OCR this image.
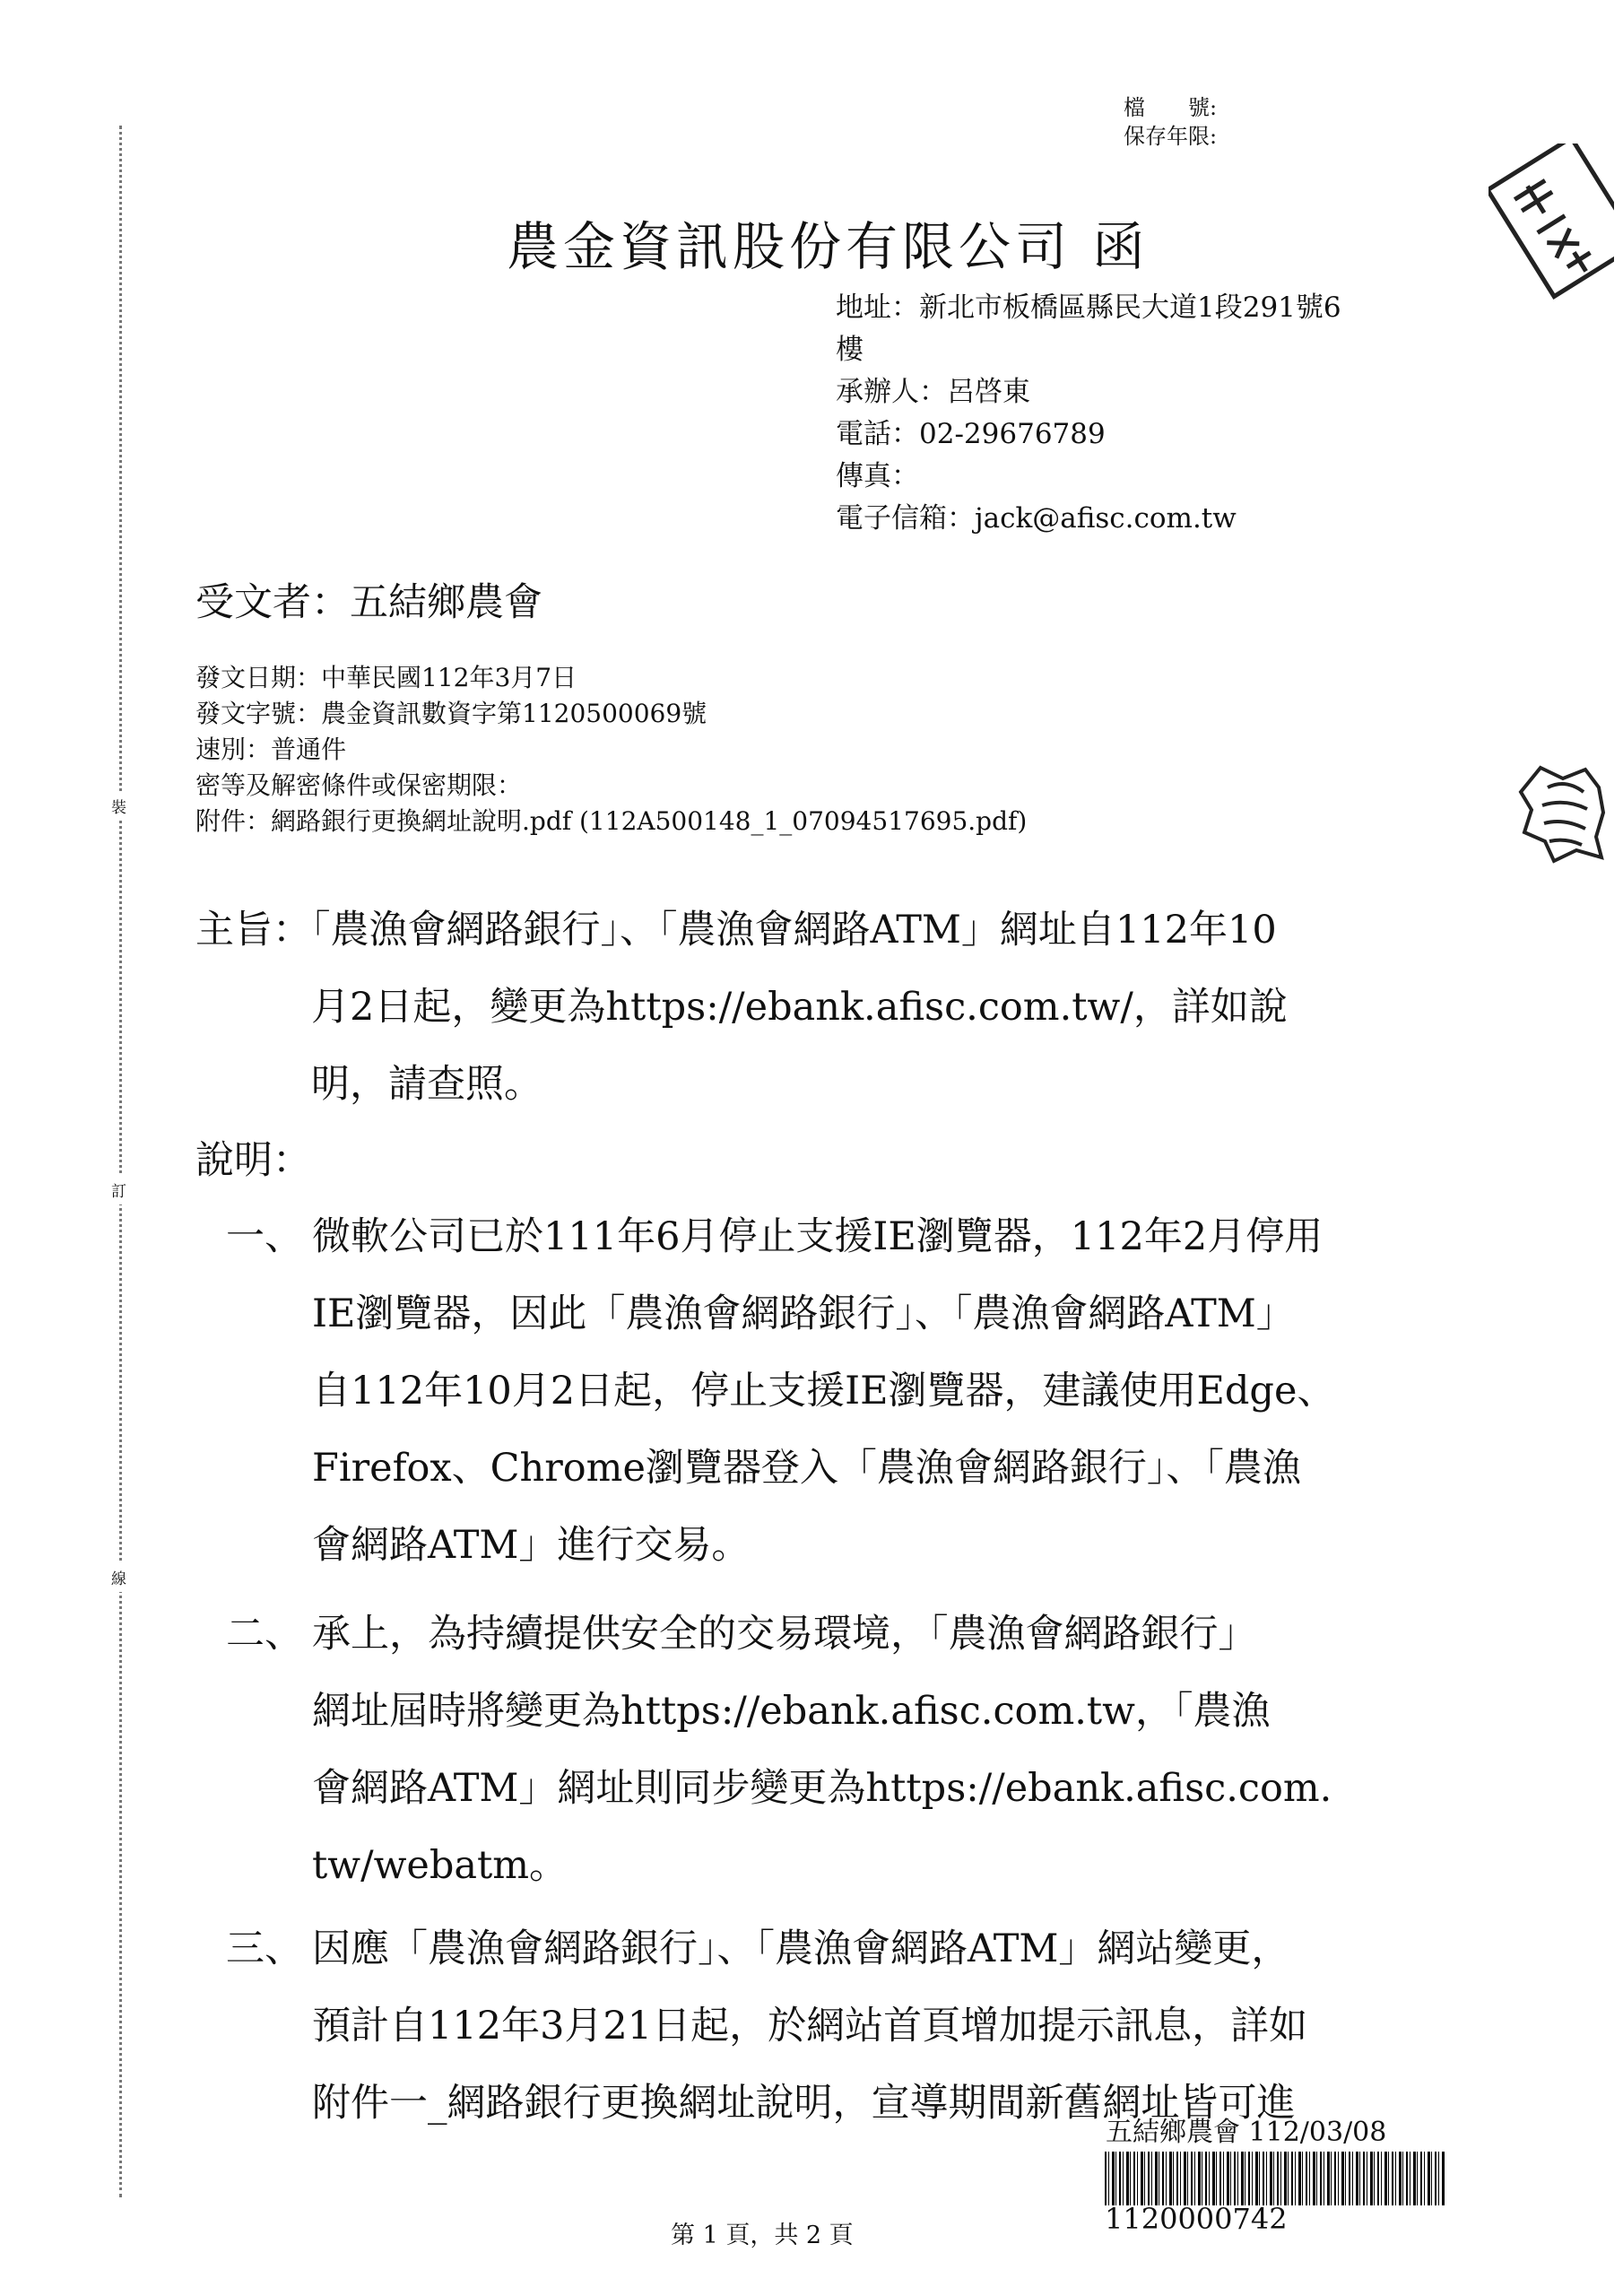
裝
訂
線
檔　　號:
保存年限:
農金資訊股份有限公司 函
地址：新北市板橋區縣民大道1段291號6
樓
承辦人：呂啓東
電話：02-29676789
傳真：
電子信箱：jack@afisc.com.tw
受文者：五結鄉農會
發文日期：中華民國112年3月7日
發文字號：農金資訊數資字第1120500069號
速別：普通件
密等及解密條件或保密期限：
附件：網路銀行更換網址說明.pdf (112A500148_1_07094517695.pdf)
主旨：「農漁會網路銀行」、「農漁會網路ATM」網址自112年10
　　　月2日起，變更為https://ebank.afisc.com.tw/，詳如說
　　　明，請查照。
說明：
一、 微軟公司已於111年6月停止支援IE瀏覽器，112年2月停用
IE瀏覽器，因此「農漁會網路銀行」、「農漁會網路ATM」
自112年10月2日起，停止支援IE瀏覽器，建議使用Edge、
Firefox、Chrome瀏覽器登入「農漁會網路銀行」、「農漁
會網路ATM」進行交易。
二、 承上，為持續提供安全的交易環境，「農漁會網路銀行」
網址屆時將變更為https://ebank.afisc.com.tw，「農漁
會網路ATM」網址則同步變更為https://ebank.afisc.com.
tw/webatm。
三、 因應「農漁會網路銀行」、「農漁會網路ATM」網站變更，
預計自112年3月21日起，於網站首頁增加提示訊息，詳如
附件一_網路銀行更換網址說明，宣導期間新舊網址皆可進
五結鄉農會 112/03/08
1120000742
第 1 頁，共 2 頁
